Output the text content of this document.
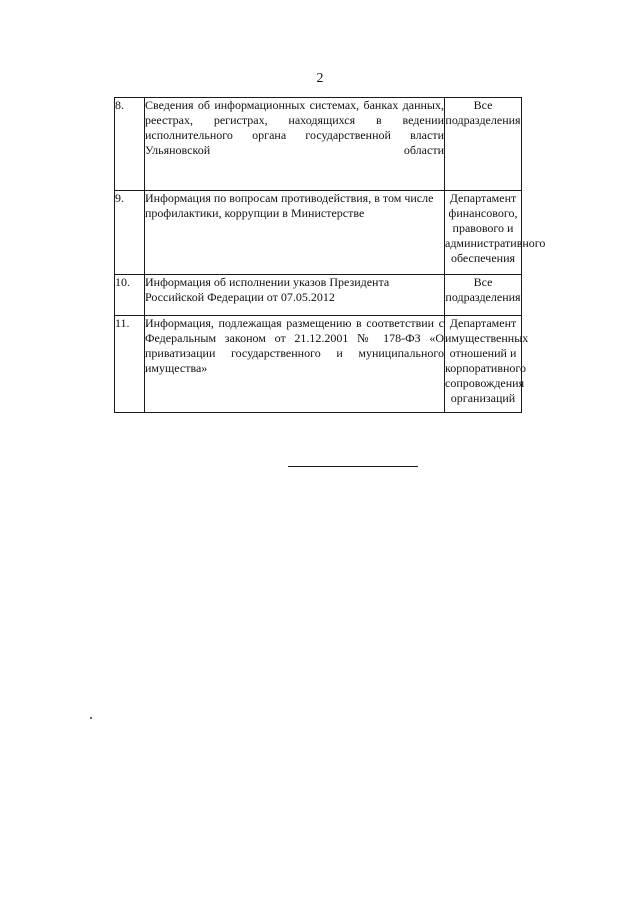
2
8.	Сведения об информационных системах, банках данных, реестрах, регистрах, находящихся в ведении исполнительного органа государственной власти Ульяновской области	Все подразделения
9.	Информация по вопросам противодействия, в том числе профилактики, коррупции в Министерстве	Департамент финансового, правового и административного обеспечения
10.	Информация об исполнении указов Президента Российской Федерации от 07.05.2012	Все подразделения
11.	Информация, подлежащая размещению в соответствии с Федеральным законом от 21.12.2001 № 178-ФЗ «О приватизации государственного и муниципального имущества»	Департамент имущественных отношений и корпоративного сопровождения организаций
